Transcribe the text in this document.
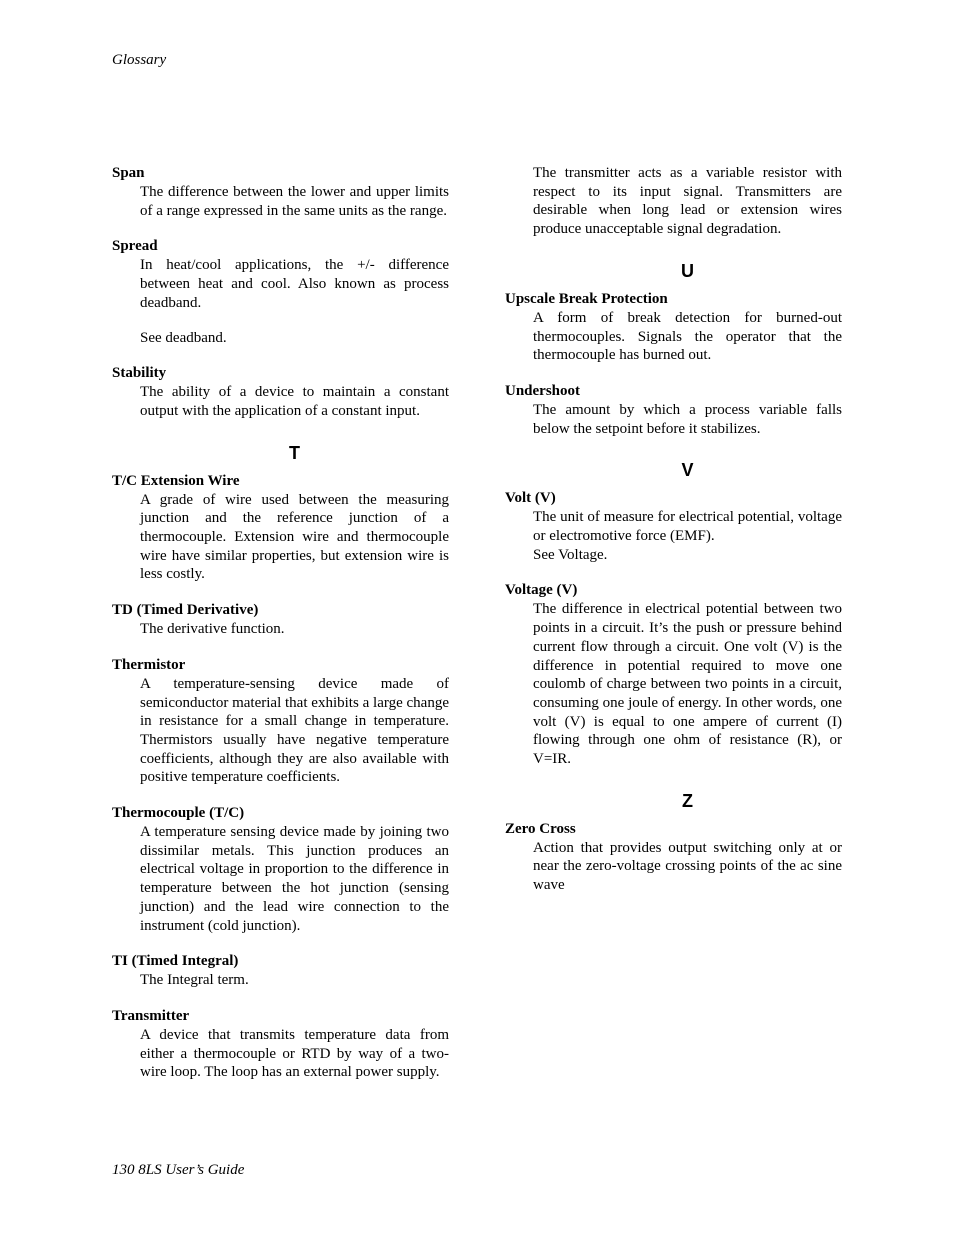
Glossary
Span

The difference between the lower and upper limits of a range expressed in the same units as the range.

Spread

In heat/cool applications, the +/- difference between heat and cool. Also known as process deadband.

See deadband.

Stability

The ability of a device to maintain a constant output with the application of a constant input.

T
T/C Extension Wire

A grade of wire used between the measuring junction and the reference junction of a thermocouple. Extension wire and thermocouple wire have similar properties, but extension wire is less costly.

TD (Timed Derivative)

The derivative function.

Thermistor

A temperature-sensing device made of semiconductor material that exhibits a large change in resistance for a small change in temperature. Thermistors usually have negative temperature coefficients, although they are also available with positive temperature coefficients.

Thermocouple (T/C)

A temperature sensing device made by joining two dissimilar metals. This junction produces an electrical voltage in proportion to the difference in temperature between the hot junction (sensing junction) and the lead wire connection to the instrument (cold junction).

TI (Timed Integral)

The Integral term.

Transmitter

A device that transmits temperature data from either a thermocouple or RTD by way of a two-wire loop. The loop has an external power supply.

The transmitter acts as a variable resistor with respect to its input signal. Transmitters are desirable when long lead or extension wires produce unacceptable signal degradation.

U
Upscale Break Protection

A form of break detection for burned-out thermocouples. Signals the operator that the thermocouple has burned out.

Undershoot

The amount by which a process variable falls below the setpoint before it stabilizes.

V
Volt (V)

The unit of measure for electrical potential, voltage or electromotive force (EMF).

See Voltage.

Voltage (V)

The difference in electrical potential between two points in a circuit. It’s the push or pressure behind current flow through a circuit. One volt (V) is the difference in potential required to move one coulomb of charge between two points in a circuit, consuming one joule of energy. In other words, one volt (V) is equal to one ampere of current (I) flowing through one ohm of resistance (R), or V=IR.

Z
Zero Cross

Action that provides output switching only at or near the zero-voltage crossing points of the ac sine wave

130 8LS User’s Guide
